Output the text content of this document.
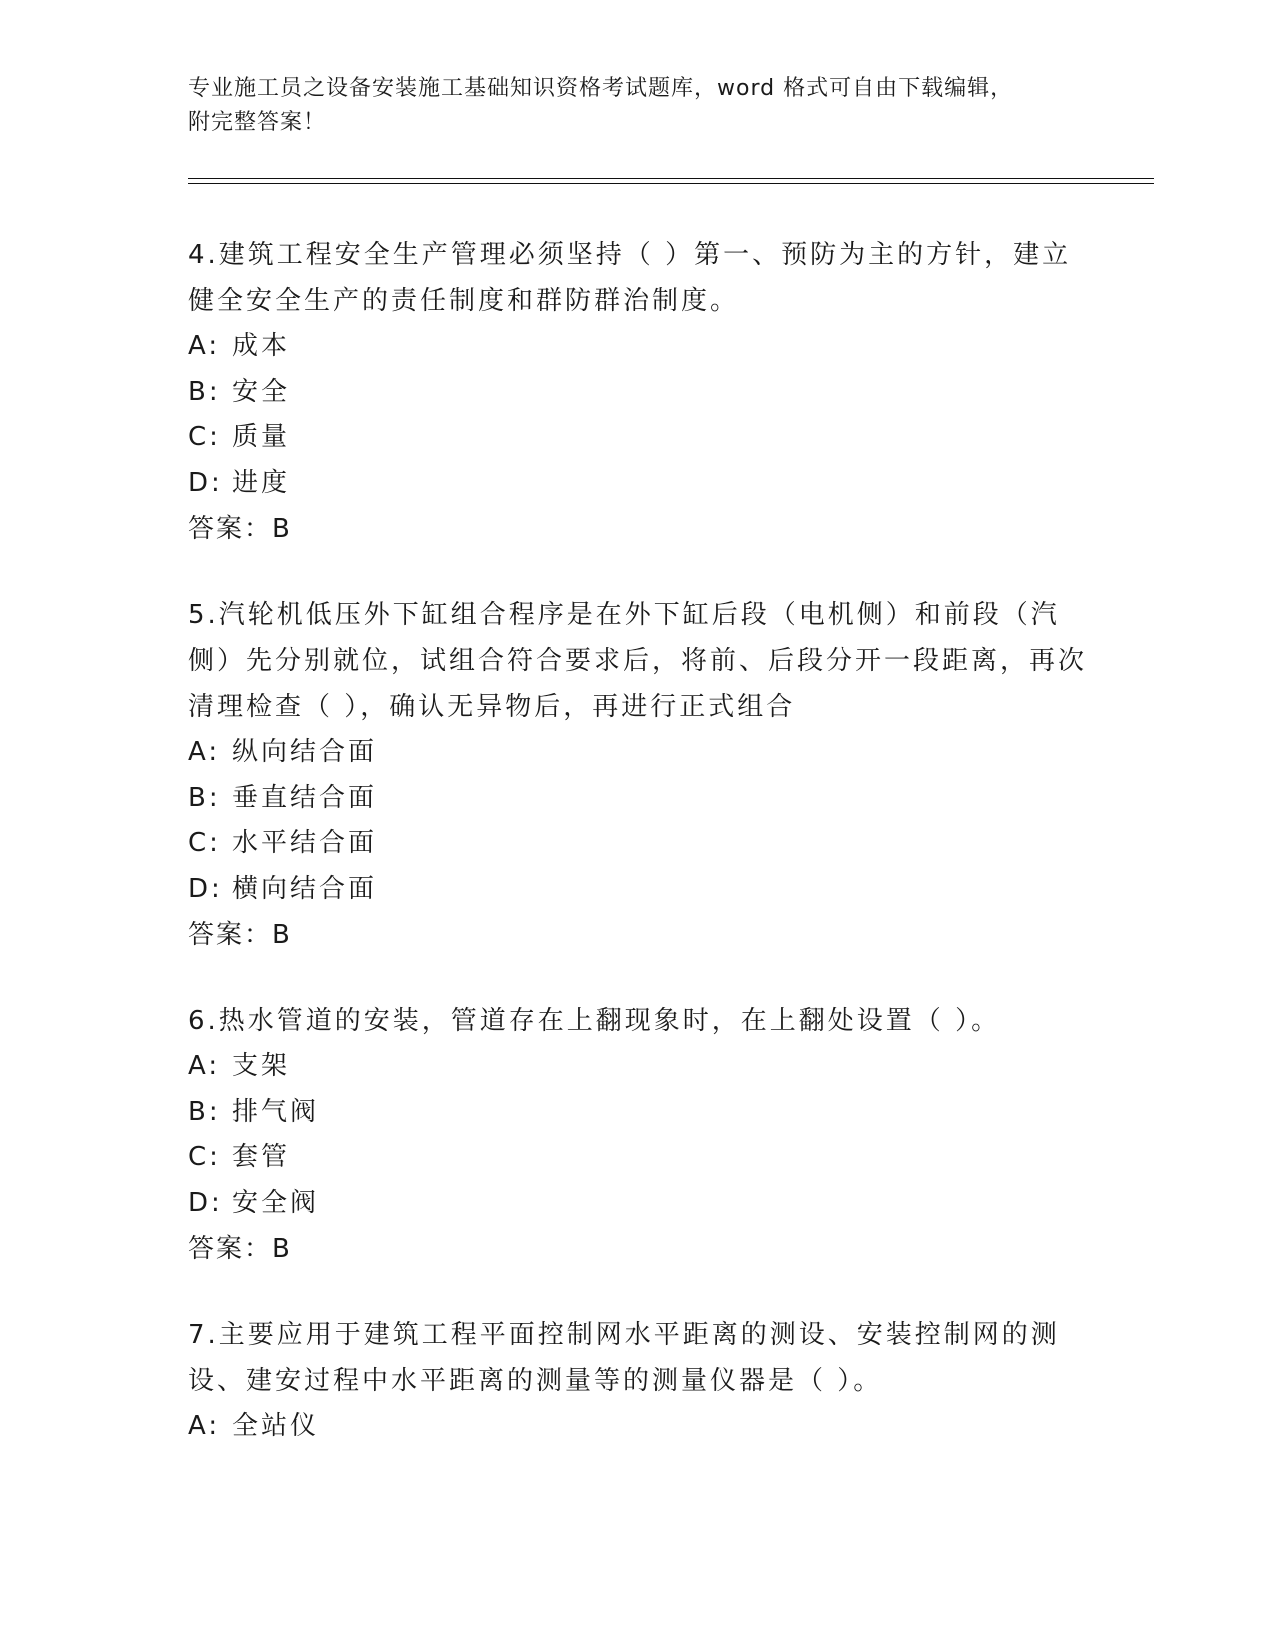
专业施工员之设备安装施工基础知识资格考试题库，word 格式可自由下载编辑，
附完整答案！
4.建筑工程安全生产管理必须坚持（ ）第一、预防为主的方针，建立健全安全生产的责任制度和群防群治制度。
A: 成本
B: 安全
C: 质量
D: 进度
答案：B
5.汽轮机低压外下缸组合程序是在外下缸后段（电机侧）和前段（汽侧）先分别就位，试组合符合要求后，将前、后段分开一段距离，再次清理检查（ ），确认无异物后，再进行正式组合
A: 纵向结合面
B: 垂直结合面
C: 水平结合面
D: 横向结合面
答案：B
6.热水管道的安装，管道存在上翻现象时，在上翻处设置（ ）。
A: 支架
B: 排气阀
C: 套管
D: 安全阀
答案：B
7.主要应用于建筑工程平面控制网水平距离的测设、安装控制网的测设、建安过程中水平距离的测量等的测量仪器是（ ）。
A: 全站仪
